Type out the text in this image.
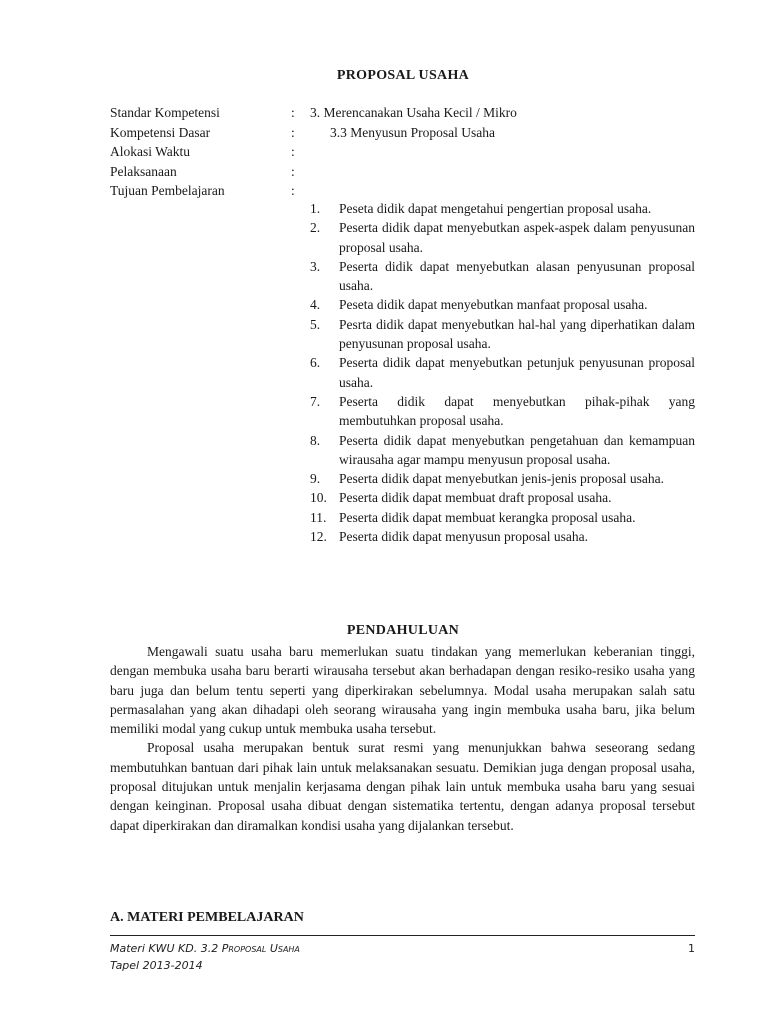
PROPOSAL USAHA
Standar Kompetensi	: 3. Merencanakan Usaha Kecil / Mikro
Kompetensi Dasar	:	3.3 Menyusun Proposal Usaha
Alokasi Waktu	:
Pelaksanaan	:
Tujuan Pembelajaran	:
1. Peseta didik dapat mengetahui pengertian proposal usaha.
2. Peserta didik dapat menyebutkan aspek-aspek dalam penyusunan proposal usaha.
3. Peserta didik dapat menyebutkan alasan penyusunan proposal usaha.
4. Peseta didik dapat menyebutkan manfaat proposal usaha.
5. Pesrta didik dapat menyebutkan hal-hal yang diperhatikan dalam penyusunan proposal usaha.
6. Peserta didik dapat menyebutkan petunjuk penyusunan proposal usaha.
7. Peserta didik dapat menyebutkan pihak-pihak yang membutuhkan proposal usaha.
8. Peserta didik dapat menyebutkan pengetahuan dan kemampuan wirausaha agar mampu menyusun proposal usaha.
9. Peserta didik dapat menyebutkan jenis-jenis proposal usaha.
10. Peserta didik dapat membuat draft proposal usaha.
11. Peserta didik dapat membuat kerangka proposal usaha.
12. Peserta didik dapat menyusun proposal usaha.
PENDAHULUAN

Mengawali suatu usaha baru memerlukan suatu tindakan yang memerlukan keberanian tinggi, dengan membuka usaha baru berarti wirausaha tersebut akan berhadapan dengan resiko-resiko usaha yang baru juga dan belum tentu seperti yang diperkirakan sebelumnya. Modal usaha merupakan salah satu permasalahan yang akan dihadapi oleh seorang wirausaha yang ingin membuka usaha baru, jika belum memiliki modal yang cukup untuk membuka usaha tersebut.

Proposal usaha merupakan bentuk surat resmi yang menunjukkan bahwa seseorang sedang membutuhkan bantuan dari pihak lain untuk melaksanakan sesuatu. Demikian juga dengan proposal usaha, proposal ditujukan untuk menjalin kerjasama dengan pihak lain untuk membuka usaha baru yang sesuai dengan keinginan. Proposal usaha dibuat dengan sistematika tertentu, dengan adanya proposal tersebut dapat diperkirakan dan diramalkan kondisi usaha yang dijalankan tersebut.

A. MATERI PEMBELAJARAN
Materi KWU KD. 3.2 Proposal Usaha
Tapel 2013-2014
1
